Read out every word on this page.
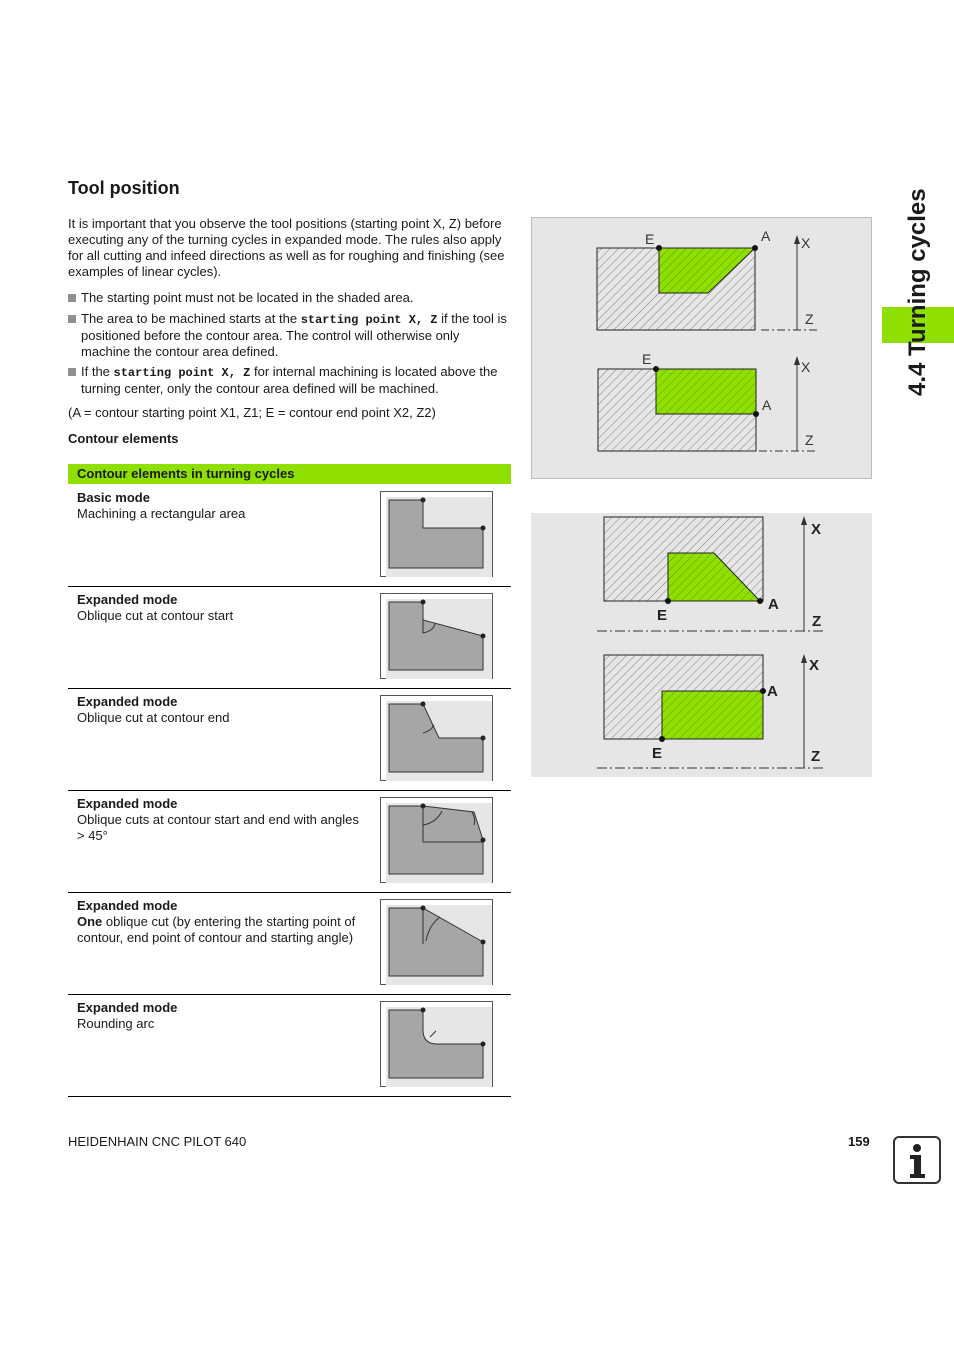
Tool position
It is important that you observe the tool positions (starting point X, Z) before executing any of the turning cycles in expanded mode. The rules also apply for all cutting and infeed directions as well as for roughing and finishing (see examples of linear cycles).
The starting point must not be located in the shaded area.
The area to be machined starts at the starting point X, Z if the tool is positioned before the contour area. The control will otherwise only machine the contour area defined.
If the starting point X, Z for internal machining is located above the turning center, only the contour area defined will be machined.
(A = contour starting point X1, Z1; E = contour end point X2, Z2)
Contour elements
Contour elements in turning cycles
Basic mode
Machining a rectangular area
Expanded mode
Oblique cut at contour start
Expanded mode
Oblique cut at contour end
Expanded mode
Oblique cuts at contour start and end with angles > 45°
Expanded mode
One oblique cut (by entering the starting point of contour, end point of contour and starting angle)
Expanded mode
Rounding arc
E	A X
Z
E
A
X
Z
X
A
E	Z
X
A
E	Z
4.4 Turning cycles
HEIDENHAIN CNC PILOT 640	159
